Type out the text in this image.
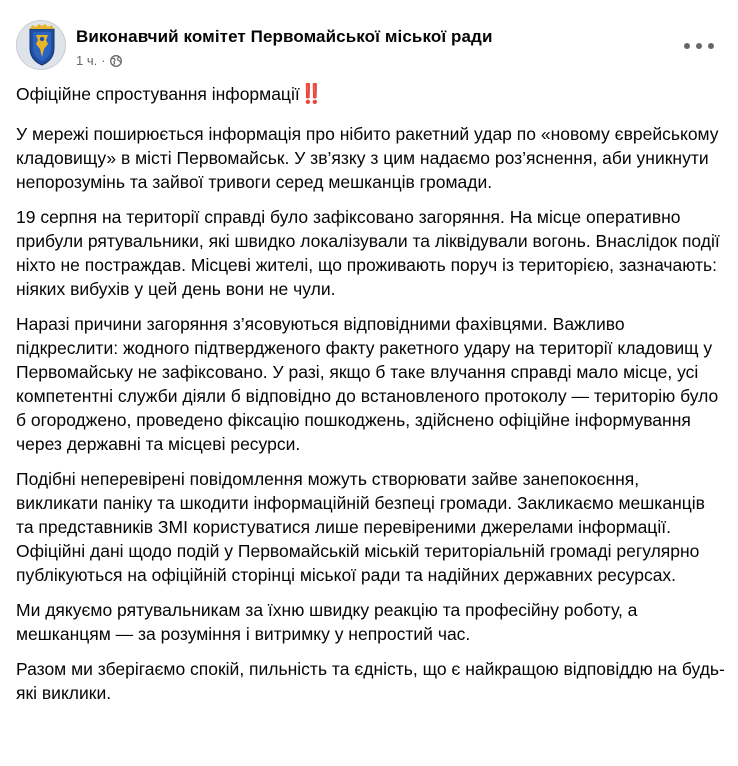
Виконавчий комітет Первомайської міської ради
1 ч. ·

Офіційне спростування інформації‼️

У мережі поширюється інформація про нібито ракетний удар по «новому єврейському кладовищу» в місті Первомайськ. У зв’язку з цим надаємо роз’яснення, аби уникнути непорозумінь та зайвої тривоги серед мешканців громади.

19 серпня на території справді було зафіксовано загоряння. На місце оперативно прибули рятувальники, які швидко локалізували та ліквідували вогонь. Внаслідок події ніхто не постраждав. Місцеві жителі, що проживають поруч із територією, зазначають: ніяких вибухів у цей день вони не чули.

Наразі причини загоряння з’ясовуються відповідними фахівцями. Важливо підкреслити: жодного підтвердженого факту ракетного удару на території кладовищ у Первомайську не зафіксовано. У разі, якщо б таке влучання справді мало місце, усі компетентні служби діяли б відповідно до встановленого протоколу — територію було б огороджено, проведено фіксацію пошкоджень, здійснено офіційне інформування через державні та місцеві ресурси.

Подібні неперевірені повідомлення можуть створювати зайве занепокоєння, викликати паніку та шкодити інформаційній безпеці громади. Закликаємо мешканців та представників ЗМІ користуватися лише перевіреними джерелами інформації. Офіційні дані щодо подій у Первомайській міській територіальній громаді регулярно публікуються на офіційній сторінці міської ради та надійних державних ресурсах.

Ми дякуємо рятувальникам за їхню швидку реакцію та професійну роботу, а мешканцям — за розуміння і витримку у непростий час.

Разом ми зберігаємо спокій, пильність та єдність, що є найкращою відповіддю на будь-які виклики.
